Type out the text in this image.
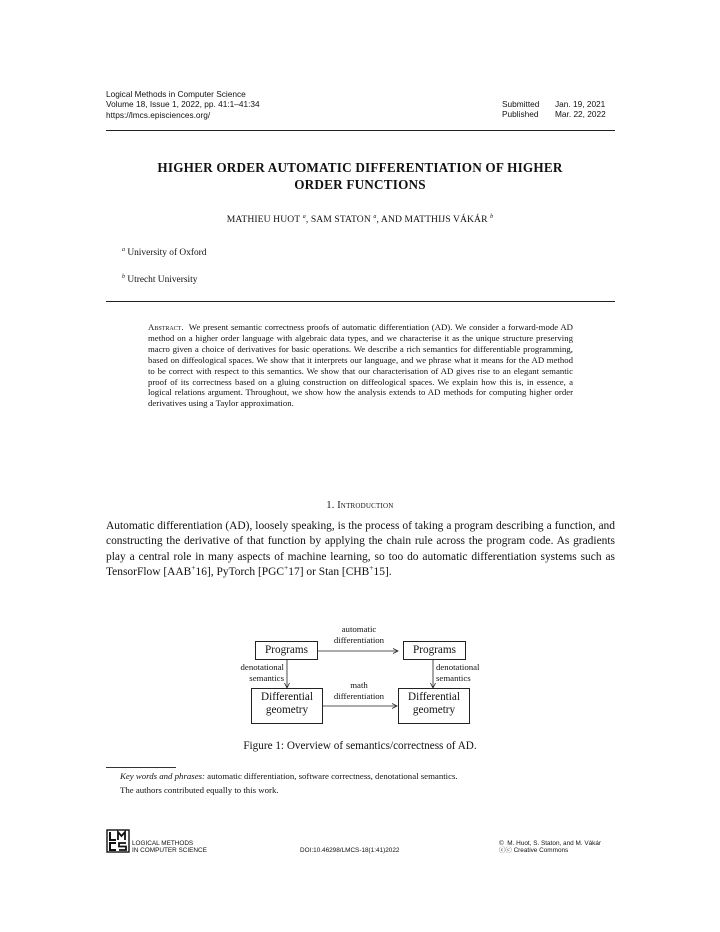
Logical Methods in Computer Science
Volume 18, Issue 1, 2022, pp. 41:1–41:34
https://lmcs.episciences.org/
Submitted Jan. 19, 2021
Published Mar. 22, 2022
HIGHER ORDER AUTOMATIC DIFFERENTIATION OF HIGHER
ORDER FUNCTIONS
MATHIEU HUOT $^a$, SAM STATON $^a$, AND MATTHIJS VÁKÁR $^b$
$^a$ University of Oxford
$^b$ Utrecht University
Abstract. We present semantic correctness proofs of automatic differentiation (AD). We consider a forward-mode AD method on a higher order language with algebraic data types, and we characterise it as the unique structure preserving macro given a choice of derivatives for basic operations. We describe a rich semantics for differentiable programming, based on diffeological spaces. We show that it interprets our language, and we phrase what it means for the AD method to be correct with respect to this semantics. We show that our characterisation of AD gives rise to an elegant semantic proof of its correctness based on a gluing construction on diffeological spaces. We explain how this is, in essence, a logical relations argument. Throughout, we show how the analysis extends to AD methods for computing higher order derivatives using a Taylor approximation.
1. Introduction
Automatic differentiation (AD), loosely speaking, is the process of taking a program describing a function, and constructing the derivative of that function by applying the chain rule across the program code. As gradients play a central role in many aspects of machine learning, so too do automatic differentiation systems such as TensorFlow [AAB+16], PyTorch [PGC+17] or Stan [CHB+15].
Programs	Programs
Differential
geometry
Differential
geometry
automatic
differentiation
math
differentiation
denotational
semantics
denotational
semantics
Figure 1: Overview of semantics/correctness of AD.
Key words and phrases: automatic differentiation, software correctness, denotational semantics.
The authors contributed equally to this work.
LOGICAL METHODS
IN COMPUTER SCIENCE	DOI:10.46298/LMCS-18(1:41)2022
© M. Huot, S. Staton, and M. Vákár
ⓒⓒ Creative Commons
